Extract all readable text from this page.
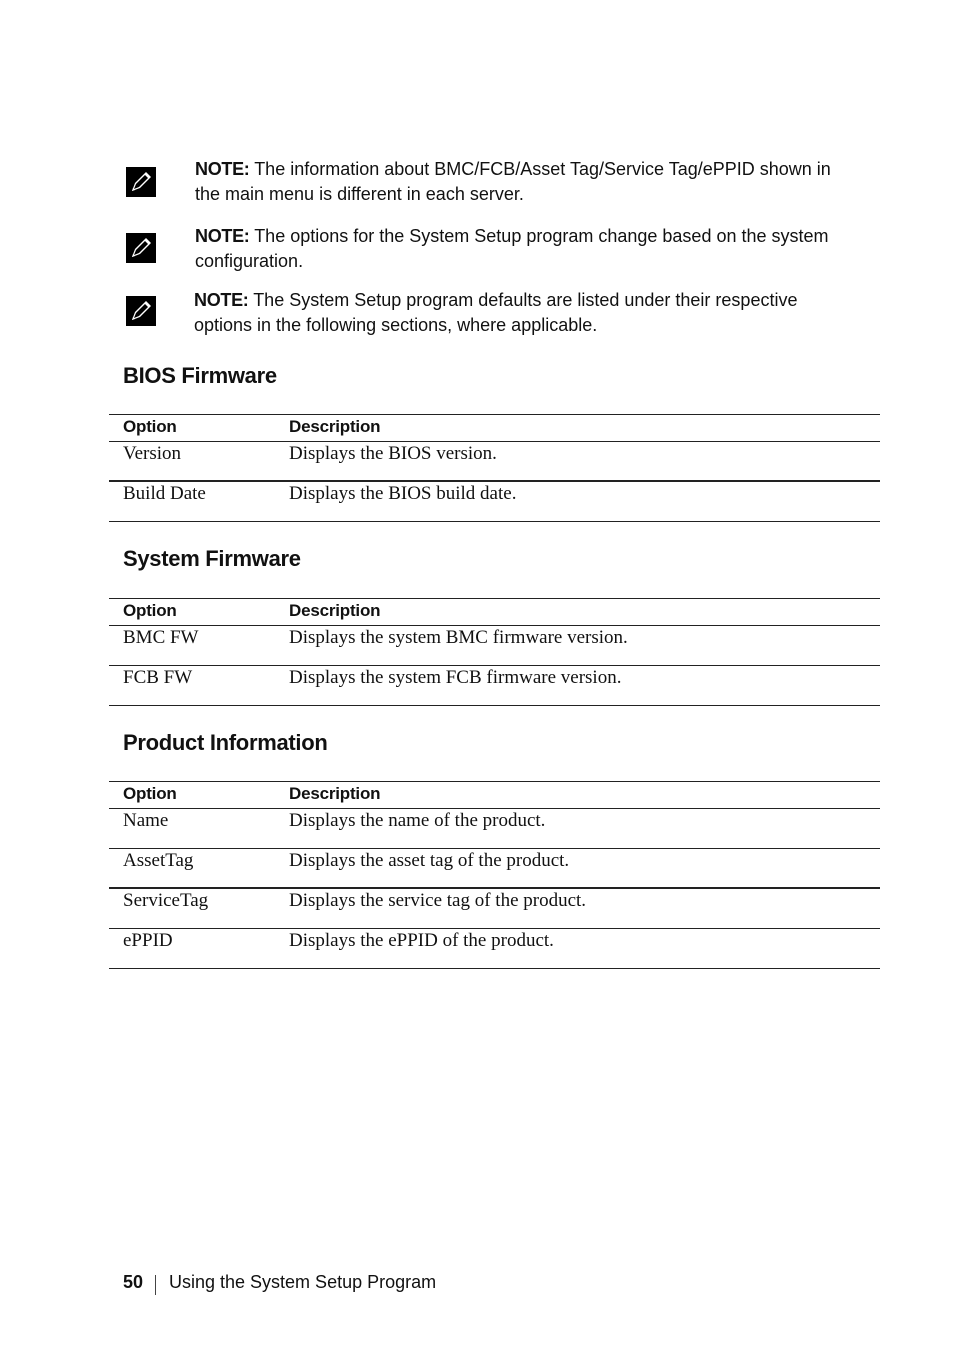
NOTE: The information about BMC/FCB/Asset Tag/Service Tag/ePPID shown in the main menu is different in each server.
NOTE: The options for the System Setup program change based on the system configuration.
NOTE: The System Setup program defaults are listed under their respective options in the following sections, where applicable.
BIOS Firmware
Option	Description
Version	Displays the BIOS version.
Build Date	Displays the BIOS build date.
System Firmware
Option	Description
BMC FW	Displays the system BMC firmware version.
FCB FW	Displays the system FCB firmware version.
Product Information
Option	Description
Name	Displays the name of the product.
AssetTag	Displays the asset tag of the product.
ServiceTag	Displays the service tag of the product.
ePPID	Displays the ePPID of the product.
50 Using the System Setup Program
